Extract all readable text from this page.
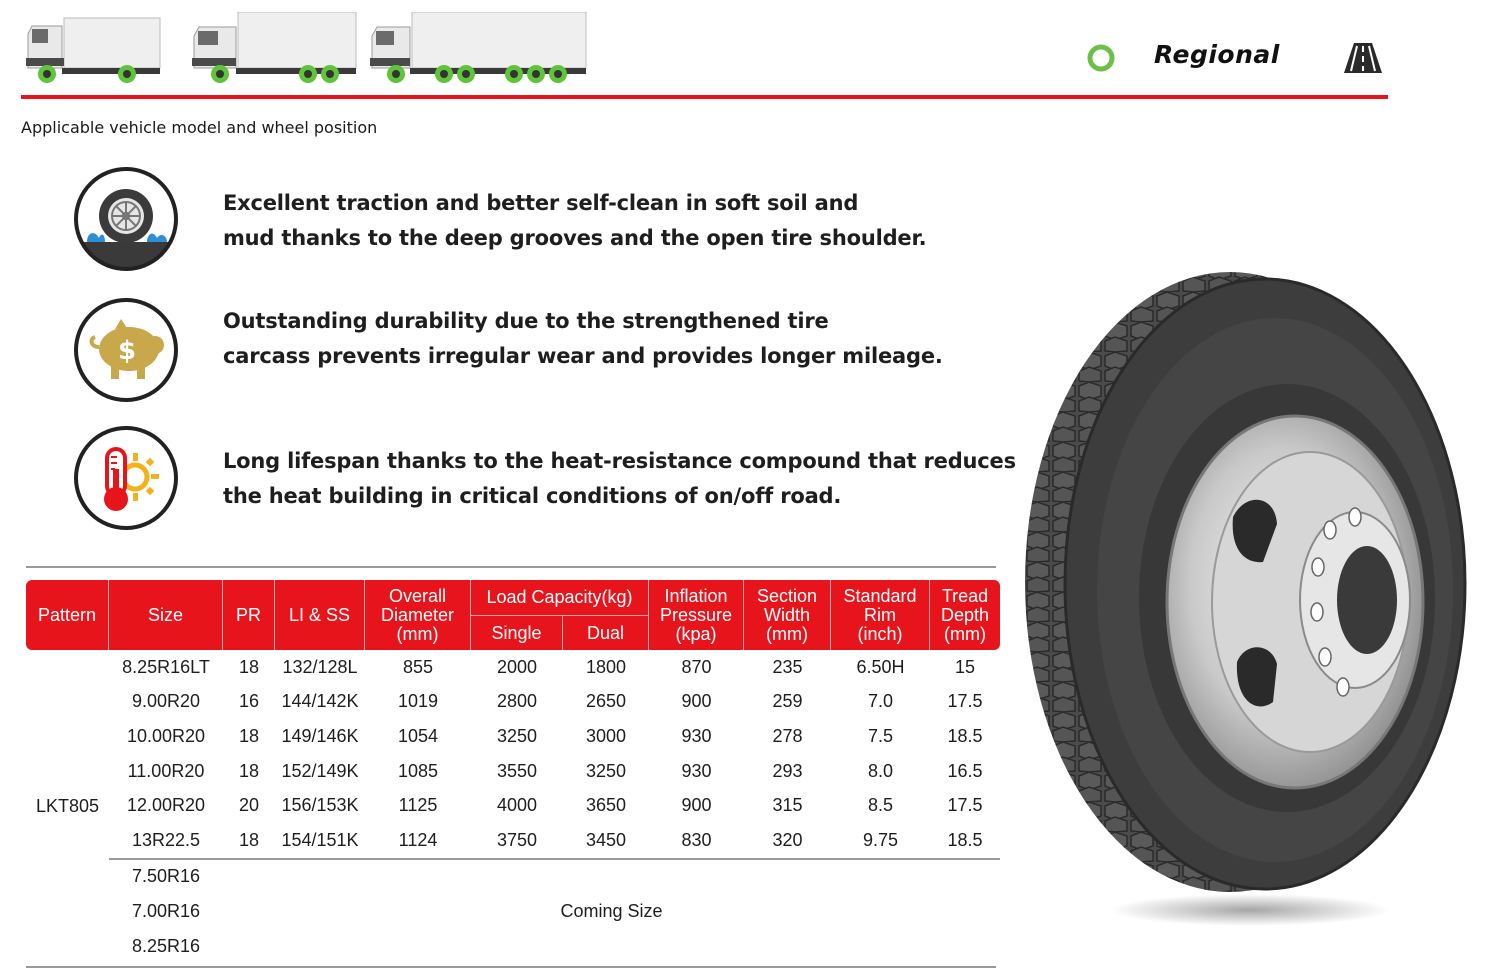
Regional
Applicable vehicle model and wheel position
Excellent traction and better self-clean in soft soil and
mud thanks to the deep grooves and the open tire shoulder.
$
Outstanding durability due to the strengthened tire
carcass prevents irregular wear and provides longer mileage.
Long lifespan thanks to the heat-resistance compound that reduces
the heat building in critical conditions of on/off road.
Pattern	Size	PR	LI & SS	Overall
Diameter
(mm)	Load Capacity(kg)		Inflation
Pressure
(kpa)	Section
Width
(mm)	Standard
Rim
(inch)	Tread
Depth
(mm)

					Single	Dual				
LKT805	8.25R16LT	18	132/128L	855	2000	1800	870	235	6.50H	15
	9.00R20	16	144/142K	1019	2800	2650	900	259	7.0	17.5
	10.00R20	18	149/146K	1054	3250	3000	930	278	7.5	18.5
	11.00R20	18	152/149K	1085	3550	3250	930	293	8.0	16.5
	12.00R20	20	156/153K	1125	4000	3650	900	315	8.5	17.5
	13R22.5	18	154/151K	1124	3750	3450	830	320	9.75	18.5
	7.50R16	Coming Size								
	7.00R16									
	8.25R16									
